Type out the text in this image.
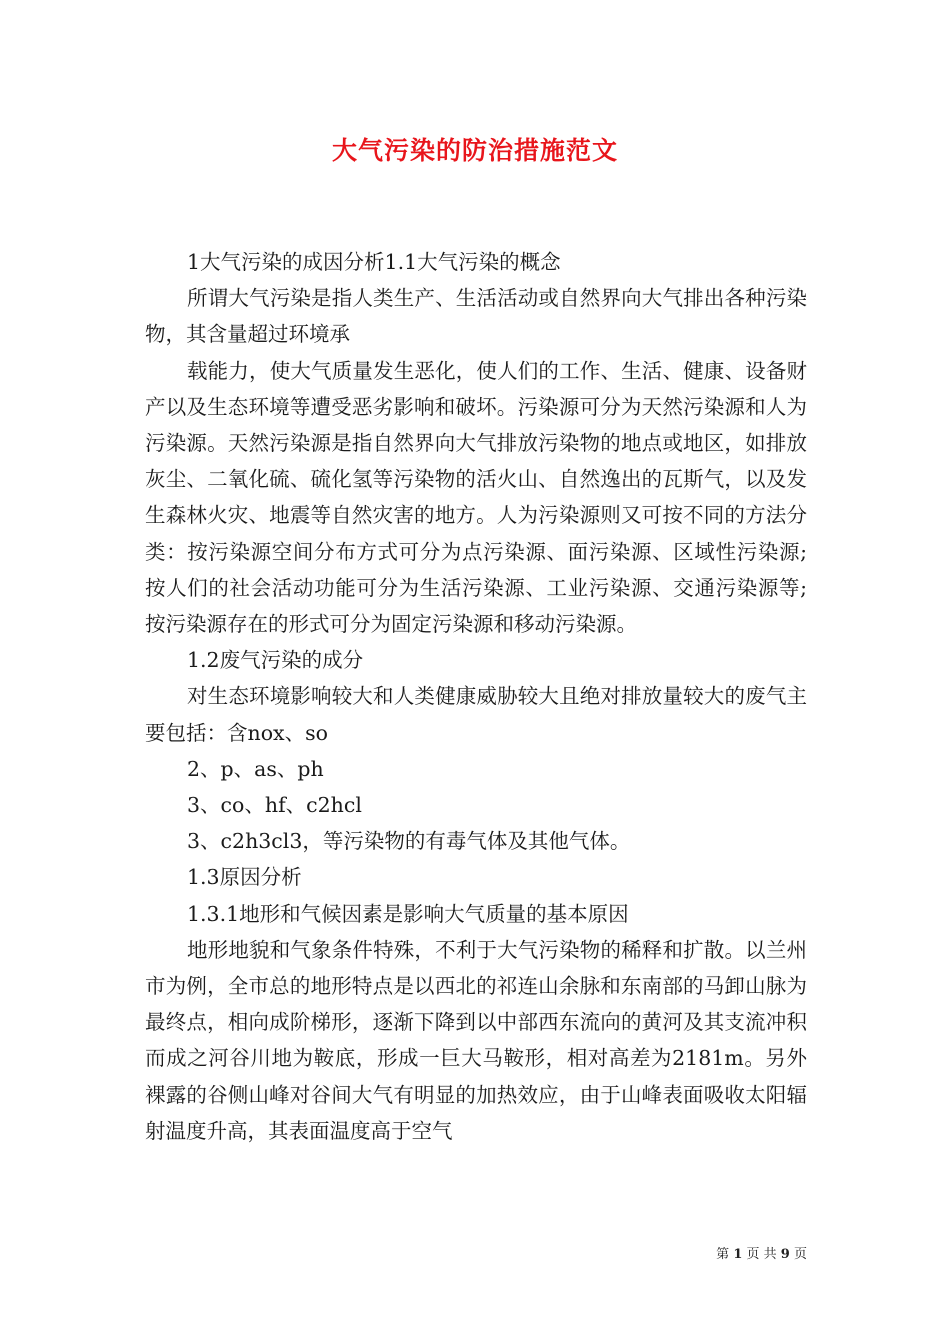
大气污染的防治措施范文

1大气污染的成因分析1.1大气污染的概念

所谓大气污染是指人类生产、生活活动或自然界向大气排出各种污染物，其含量超过环境承

载能力，使大气质量发生恶化，使人们的工作、生活、健康、设备财产以及生态环境等遭受恶劣影响和破坏。污染源可分为天然污染源和人为污染源。天然污染源是指自然界向大气排放污染物的地点或地区，如排放灰尘、二氧化硫、硫化氢等污染物的活火山、自然逸出的瓦斯气，以及发生森林火灾、地震等自然灾害的地方。人为污染源则又可按不同的方法分类：按污染源空间分布方式可分为点污染源、面污染源、区域性污染源;按人们的社会活动功能可分为生活污染源、工业污染源、交通污染源等;按污染源存在的形式可分为固定污染源和移动污染源。

1.2废气污染的成分

对生态环境影响较大和人类健康威胁较大且绝对排放量较大的废气主要包括：含nox、so

2、p、as、ph

3、co、hf、c2hcl

3、c2h3cl3，等污染物的有毒气体及其他气体。

1.3原因分析

1.3.1地形和气候因素是影响大气质量的基本原因

地形地貌和气象条件特殊，不利于大气污染物的稀释和扩散。以兰州市为例，全市总的地形特点是以西北的祁连山余脉和东南部的马卸山脉为最终点，相向成阶梯形，逐渐下降到以中部西东流向的黄河及其支流冲积而成之河谷川地为鞍底，形成一巨大马鞍形，相对高差为2181m。另外裸露的谷侧山峰对谷间大气有明显的加热效应，由于山峰表面吸收太阳辐射温度升高，其表面温度高于空气

第 1 页 共 9 页
